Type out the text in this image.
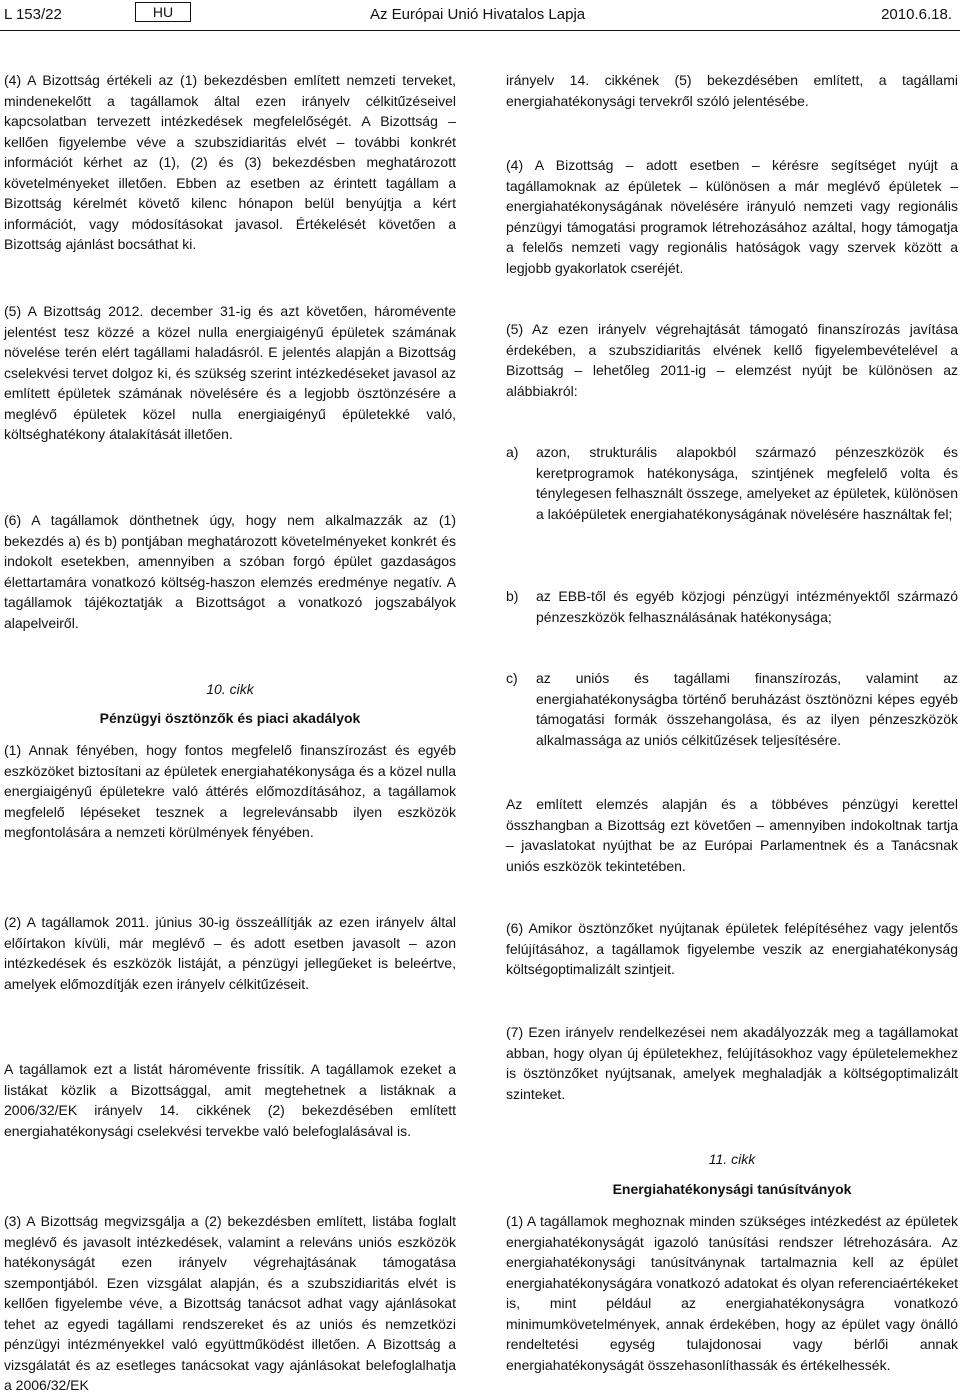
L 153/22	HU	Az Európai Unió Hivatalos Lapja	2010.6.18.

(4) A Bizottság értékeli az (1) bekezdésben említett nemzeti terveket, mindenekelőtt a tagállamok által ezen irányelv célkitűzéseivel kapcsolatban tervezett intézkedések megfelelőségét. A Bizottság – kellően figyelembe véve a szubszidiaritás elvét – további konkrét információt kérhet az (1), (2) és (3) bekezdésben meghatározott követelményeket illetően. Ebben az esetben az érintett tagállam a Bizottság kérelmét követő kilenc hónapon belül benyújtja a kért információt, vagy módosításokat javasol. Értékelését követően a Bizottság ajánlást bocsáthat ki.

(5) A Bizottság 2012. december 31-ig és azt követően, háromévente jelentést tesz közzé a közel nulla energiaigényű épületek számának növelése terén elért tagállami haladásról. E jelentés alapján a Bizottság cselekvési tervet dolgoz ki, és szükség szerint intézkedéseket javasol az említett épületek számának növelésére és a legjobb ösztönzésére a meglévő épületek közel nulla energiaigényű épületekké való, költséghatékony átalakítását illetően.

(6) A tagállamok dönthetnek úgy, hogy nem alkalmazzák az (1) bekezdés a) és b) pontjában meghatározott követelményeket konkrét és indokolt esetekben, amennyiben a szóban forgó épület gazdaságos élettartamára vonatkozó költség-haszon elemzés eredménye negatív. A tagállamok tájékoztatják a Bizottságot a vonatkozó jogszabályok alapelveiről.

10. cikk
Pénzügyi ösztönzők és piaci akadályok

(1) Annak fényében, hogy fontos megfelelő finanszírozást és egyéb eszközöket biztosítani az épületek energiahatékonysága és a közel nulla energiaigényű épületekre való áttérés előmozdításához, a tagállamok megfelelő lépéseket tesznek a legrelevánsabb ilyen eszközök megfontolására a nemzeti körülmények fényében.

(2) A tagállamok 2011. június 30-ig összeállítják az ezen irányelv által előírtakon kívüli, már meglévő – és adott esetben javasolt – azon intézkedések és eszközök listáját, a pénzügyi jellegűeket is beleértve, amelyek előmozdítják ezen irányelv célkitűzéseit.

A tagállamok ezt a listát háromévente frissítik. A tagállamok ezeket a listákat közlik a Bizottsággal, amit megtehetnek a listáknak a 2006/32/EK irányelv 14. cikkének (2) bekezdésében említett energiahatékonysági cselekvési tervekbe való belefoglalásával is.

(3) A Bizottság megvizsgálja a (2) bekezdésben említett, listába foglalt meglévő és javasolt intézkedések, valamint a releváns uniós eszközök hatékonyságát ezen irányelv végrehajtásának támogatása szempontjából. Ezen vizsgálat alapján, és a szubszidiaritás elvét is kellően figyelembe véve, a Bizottság tanácsot adhat vagy ajánlásokat tehet az egyedi tagállami rendszereket és az uniós és nemzetközi pénzügyi intézményekkel való együttműködést illetően. A Bizottság a vizsgálatát és az esetleges tanácsokat vagy ajánlásokat belefoglalhatja a 2006/32/EK

irányelv 14. cikkének (5) bekezdésében említett, a tagállami energiahatékonysági tervekről szóló jelentésébe.

(4) A Bizottság – adott esetben – kérésre segítséget nyújt a tagállamoknak az épületek – különösen a már meglévő épületek – energiahatékonyságának növelésére irányuló nemzeti vagy regionális pénzügyi támogatási programok létrehozásához azáltal, hogy támogatja a felelős nemzeti vagy regionális hatóságok vagy szervek között a legjobb gyakorlatok cseréjét.

(5) Az ezen irányelv végrehajtását támogató finanszírozás javítása érdekében, a szubszidiaritás elvének kellő figyelembevételével a Bizottság – lehetőleg 2011-ig – elemzést nyújt be különösen az alábbiakról:

a) azon, strukturális alapokból származó pénzeszközök és keretprogramok hatékonysága, szintjének megfelelő volta és ténylegesen felhasznált összege, amelyeket az épületek, különösen a lakóépületek energiahatékonyságának növelésére használtak fel;
b) az EBB-től és egyéb közjogi pénzügyi intézményektől származó pénzeszközök felhasználásának hatékonysága;
c) az uniós és tagállami finanszírozás, valamint az energiahatékonyságba történő beruházást ösztönözni képes egyéb támogatási formák összehangolása, és az ilyen pénzeszközök alkalmassága az uniós célkitűzések teljesítésére.

Az említett elemzés alapján és a többéves pénzügyi kerettel összhangban a Bizottság ezt követően – amennyiben indokoltnak tartja – javaslatokat nyújthat be az Európai Parlamentnek és a Tanácsnak uniós eszközök tekintetében.

(6) Amikor ösztönzőket nyújtanak épületek felépítéséhez vagy jelentős felújításához, a tagállamok figyelembe veszik az energiahatékonyság költségoptimalizált szintjeit.

(7) Ezen irányelv rendelkezései nem akadályozzák meg a tagállamokat abban, hogy olyan új épületekhez, felújításokhoz vagy épületelemekhez is ösztönzőket nyújtsanak, amelyek meghaladják a költségoptimalizált szinteket.

11. cikk
Energiahatékonysági tanúsítványok

(1) A tagállamok meghoznak minden szükséges intézkedést az épületek energiahatékonyságát igazoló tanúsítási rendszer létrehozására. Az energiahatékonysági tanúsítványnak tartalmaznia kell az épület energiahatékonyságára vonatkozó adatokat és olyan referenciaértékeket is, mint például az energiahatékonyságra vonatkozó minimumkövetelmények, annak érdekében, hogy az épület vagy önálló rendeltetési egység tulajdonosai vagy bérlői annak energiahatékonyságát összehasonlíthassák és értékelhessék.
